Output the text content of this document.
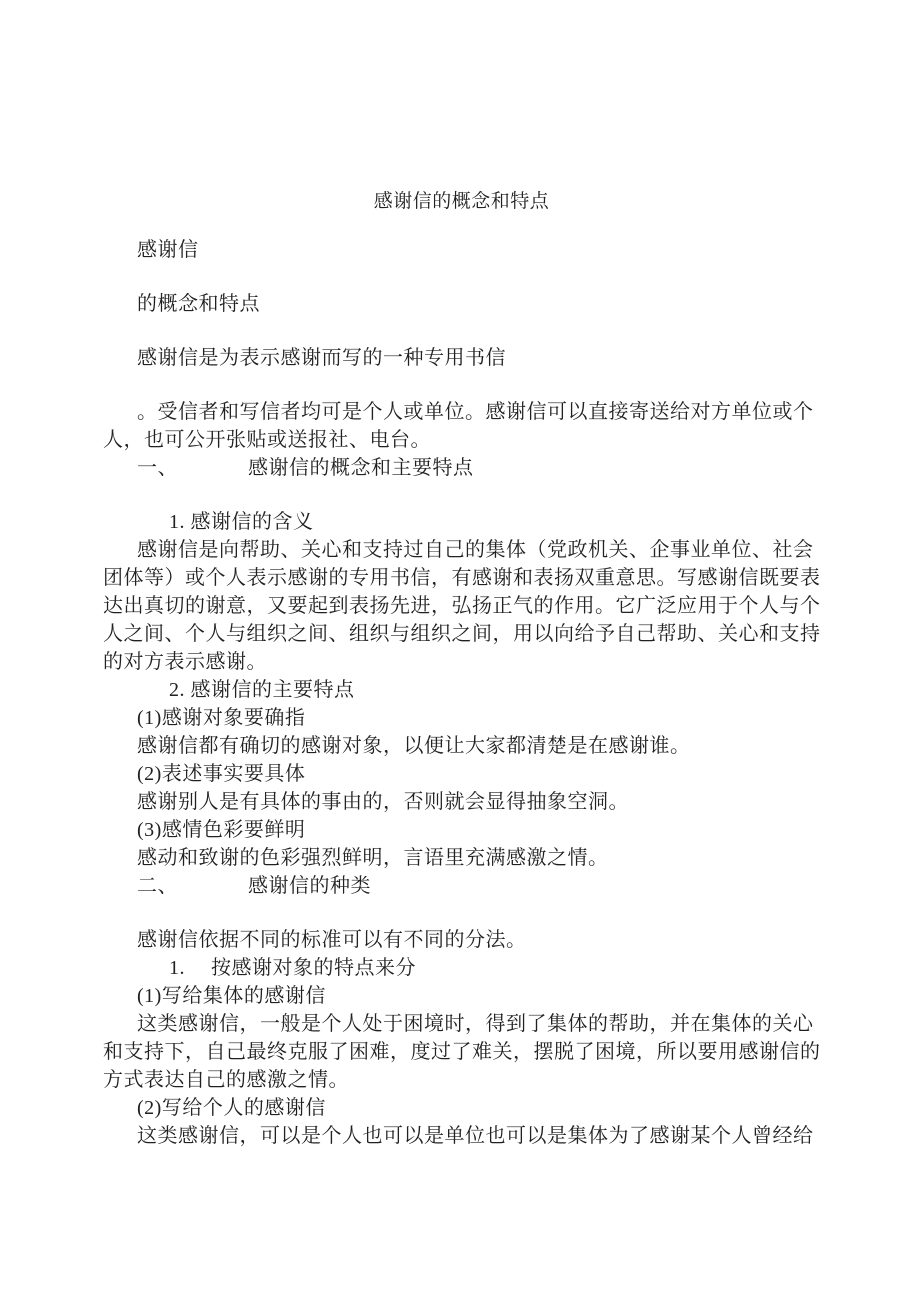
感谢信的概念和特点

感谢信

的概念和特点

感谢信是为表示感谢而写的一种专用书信

。受信者和写信者均可是个人或单位。感谢信可以直接寄送给对方单位或个

人，也可公开张贴或送报社、电台。

一、	感谢信的概念和主要特点

1. 感谢信的含义

感谢信是向帮助、关心和支持过自己的集体（党政机关、企事业单位、社会

团体等）或个人表示感谢的专用书信，有感谢和表扬双重意思。写感谢信既要表

达出真切的谢意，又要起到表扬先进，弘扬正气的作用。它广泛应用于个人与个

人之间、个人与组织之间、组织与组织之间，用以向给予自己帮助、关心和支持

的对方表示感谢。

2. 感谢信的主要特点

(1)感谢对象要确指

感谢信都有确切的感谢对象，以便让大家都清楚是在感谢谁。

(2)表述事实要具体

感谢别人是有具体的事由的，否则就会显得抽象空洞。

(3)感情色彩要鲜明

感动和致谢的色彩强烈鲜明，言语里充满感激之情。

二、	感谢信的种类

感谢信依据不同的标准可以有不同的分法。

1. 按感谢对象的特点来分

(1)写给集体的感谢信

这类感谢信，一般是个人处于困境时，得到了集体的帮助，并在集体的关心

和支持下，自己最终克服了困难，度过了难关，摆脱了困境，所以要用感谢信的

方式表达自己的感激之情。

(2)写给个人的感谢信

这类感谢信，可以是个人也可以是单位也可以是集体为了感谢某个人曾经给
